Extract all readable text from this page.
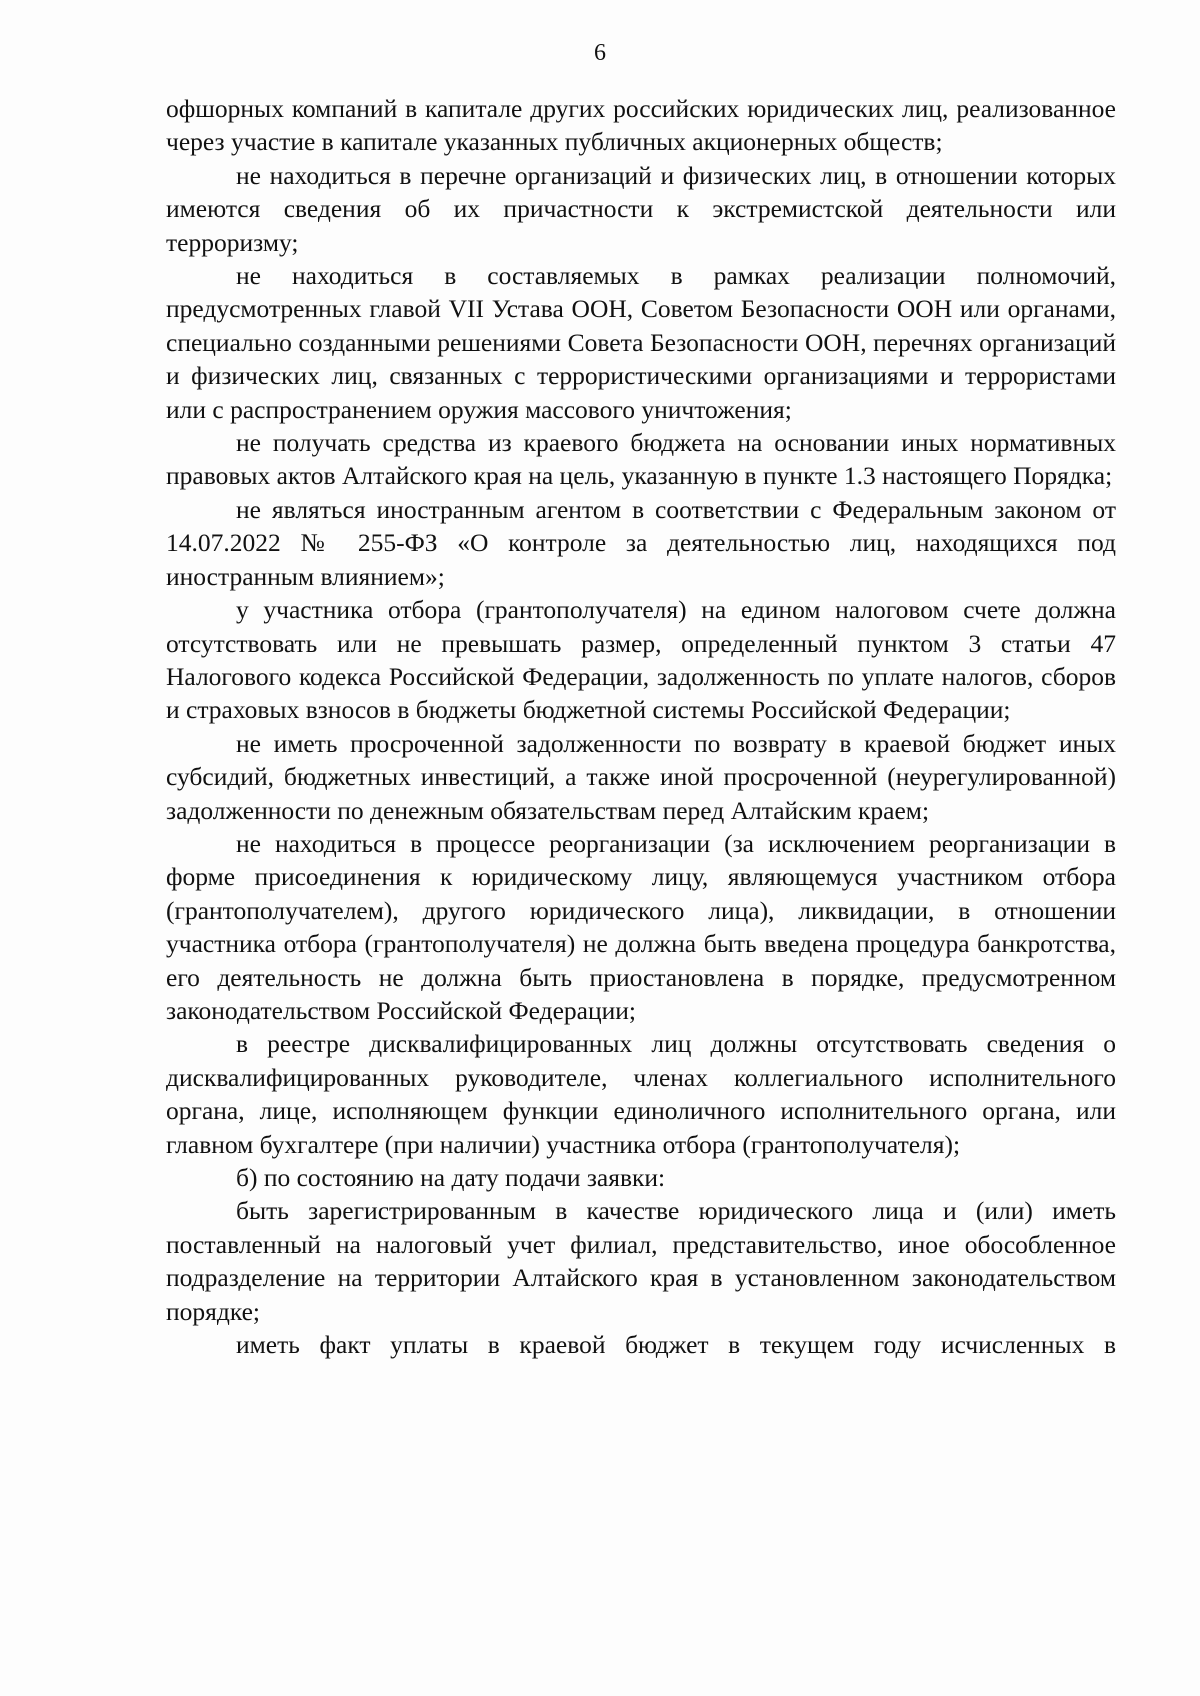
6

офшорных компаний в капитале других российских юридических лиц, реализованное через участие в капитале указанных публичных акционерных обществ;

не находиться в перечне организаций и физических лиц, в отношении которых имеются сведения об их причастности к экстремистской деятельности или терроризму;

не находиться в составляемых в рамках реализации полномочий, предусмотренных главой VII Устава ООН, Советом Безопасности ООН или органами, специально созданными решениями Совета Безопасности ООН, перечнях организаций и физических лиц, связанных с террористическими организациями и террористами или с распространением оружия массового уничтожения;

не получать средства из краевого бюджета на основании иных нормативных правовых актов Алтайского края на цель, указанную в пункте 1.3 настоящего Порядка;

не являться иностранным агентом в соответствии с Федеральным законом от 14.07.2022 № 255-ФЗ «О контроле за деятельностью лиц, находящихся под иностранным влиянием»;

у участника отбора (грантополучателя) на едином налоговом счете должна отсутствовать или не превышать размер, определенный пунктом 3 статьи 47 Налогового кодекса Российской Федерации, задолженность по уплате налогов, сборов и страховых взносов в бюджеты бюджетной системы Российской Федерации;

не иметь просроченной задолженности по возврату в краевой бюджет иных субсидий, бюджетных инвестиций, а также иной просроченной (неурегулированной) задолженности по денежным обязательствам перед Алтайским краем;

не находиться в процессе реорганизации (за исключением реорганизации в форме присоединения к юридическому лицу, являющемуся участником отбора (грантополучателем), другого юридического лица), ликвидации, в отношении участника отбора (грантополучателя) не должна быть введена процедура банкротства, его деятельность не должна быть приостановлена в порядке, предусмотренном законодательством Российской Федерации;

в реестре дисквалифицированных лиц должны отсутствовать сведения о дисквалифицированных руководителе, членах коллегиального исполнительного органа, лице, исполняющем функции единоличного исполнительного органа, или главном бухгалтере (при наличии) участника отбора (грантополучателя);

б) по состоянию на дату подачи заявки:

быть зарегистрированным в качестве юридического лица и (или) иметь поставленный на налоговый учет филиал, представительство, иное обособленное подразделение на территории Алтайского края в установленном законодательством порядке;

иметь факт уплаты в краевой бюджет в текущем году исчисленных в
